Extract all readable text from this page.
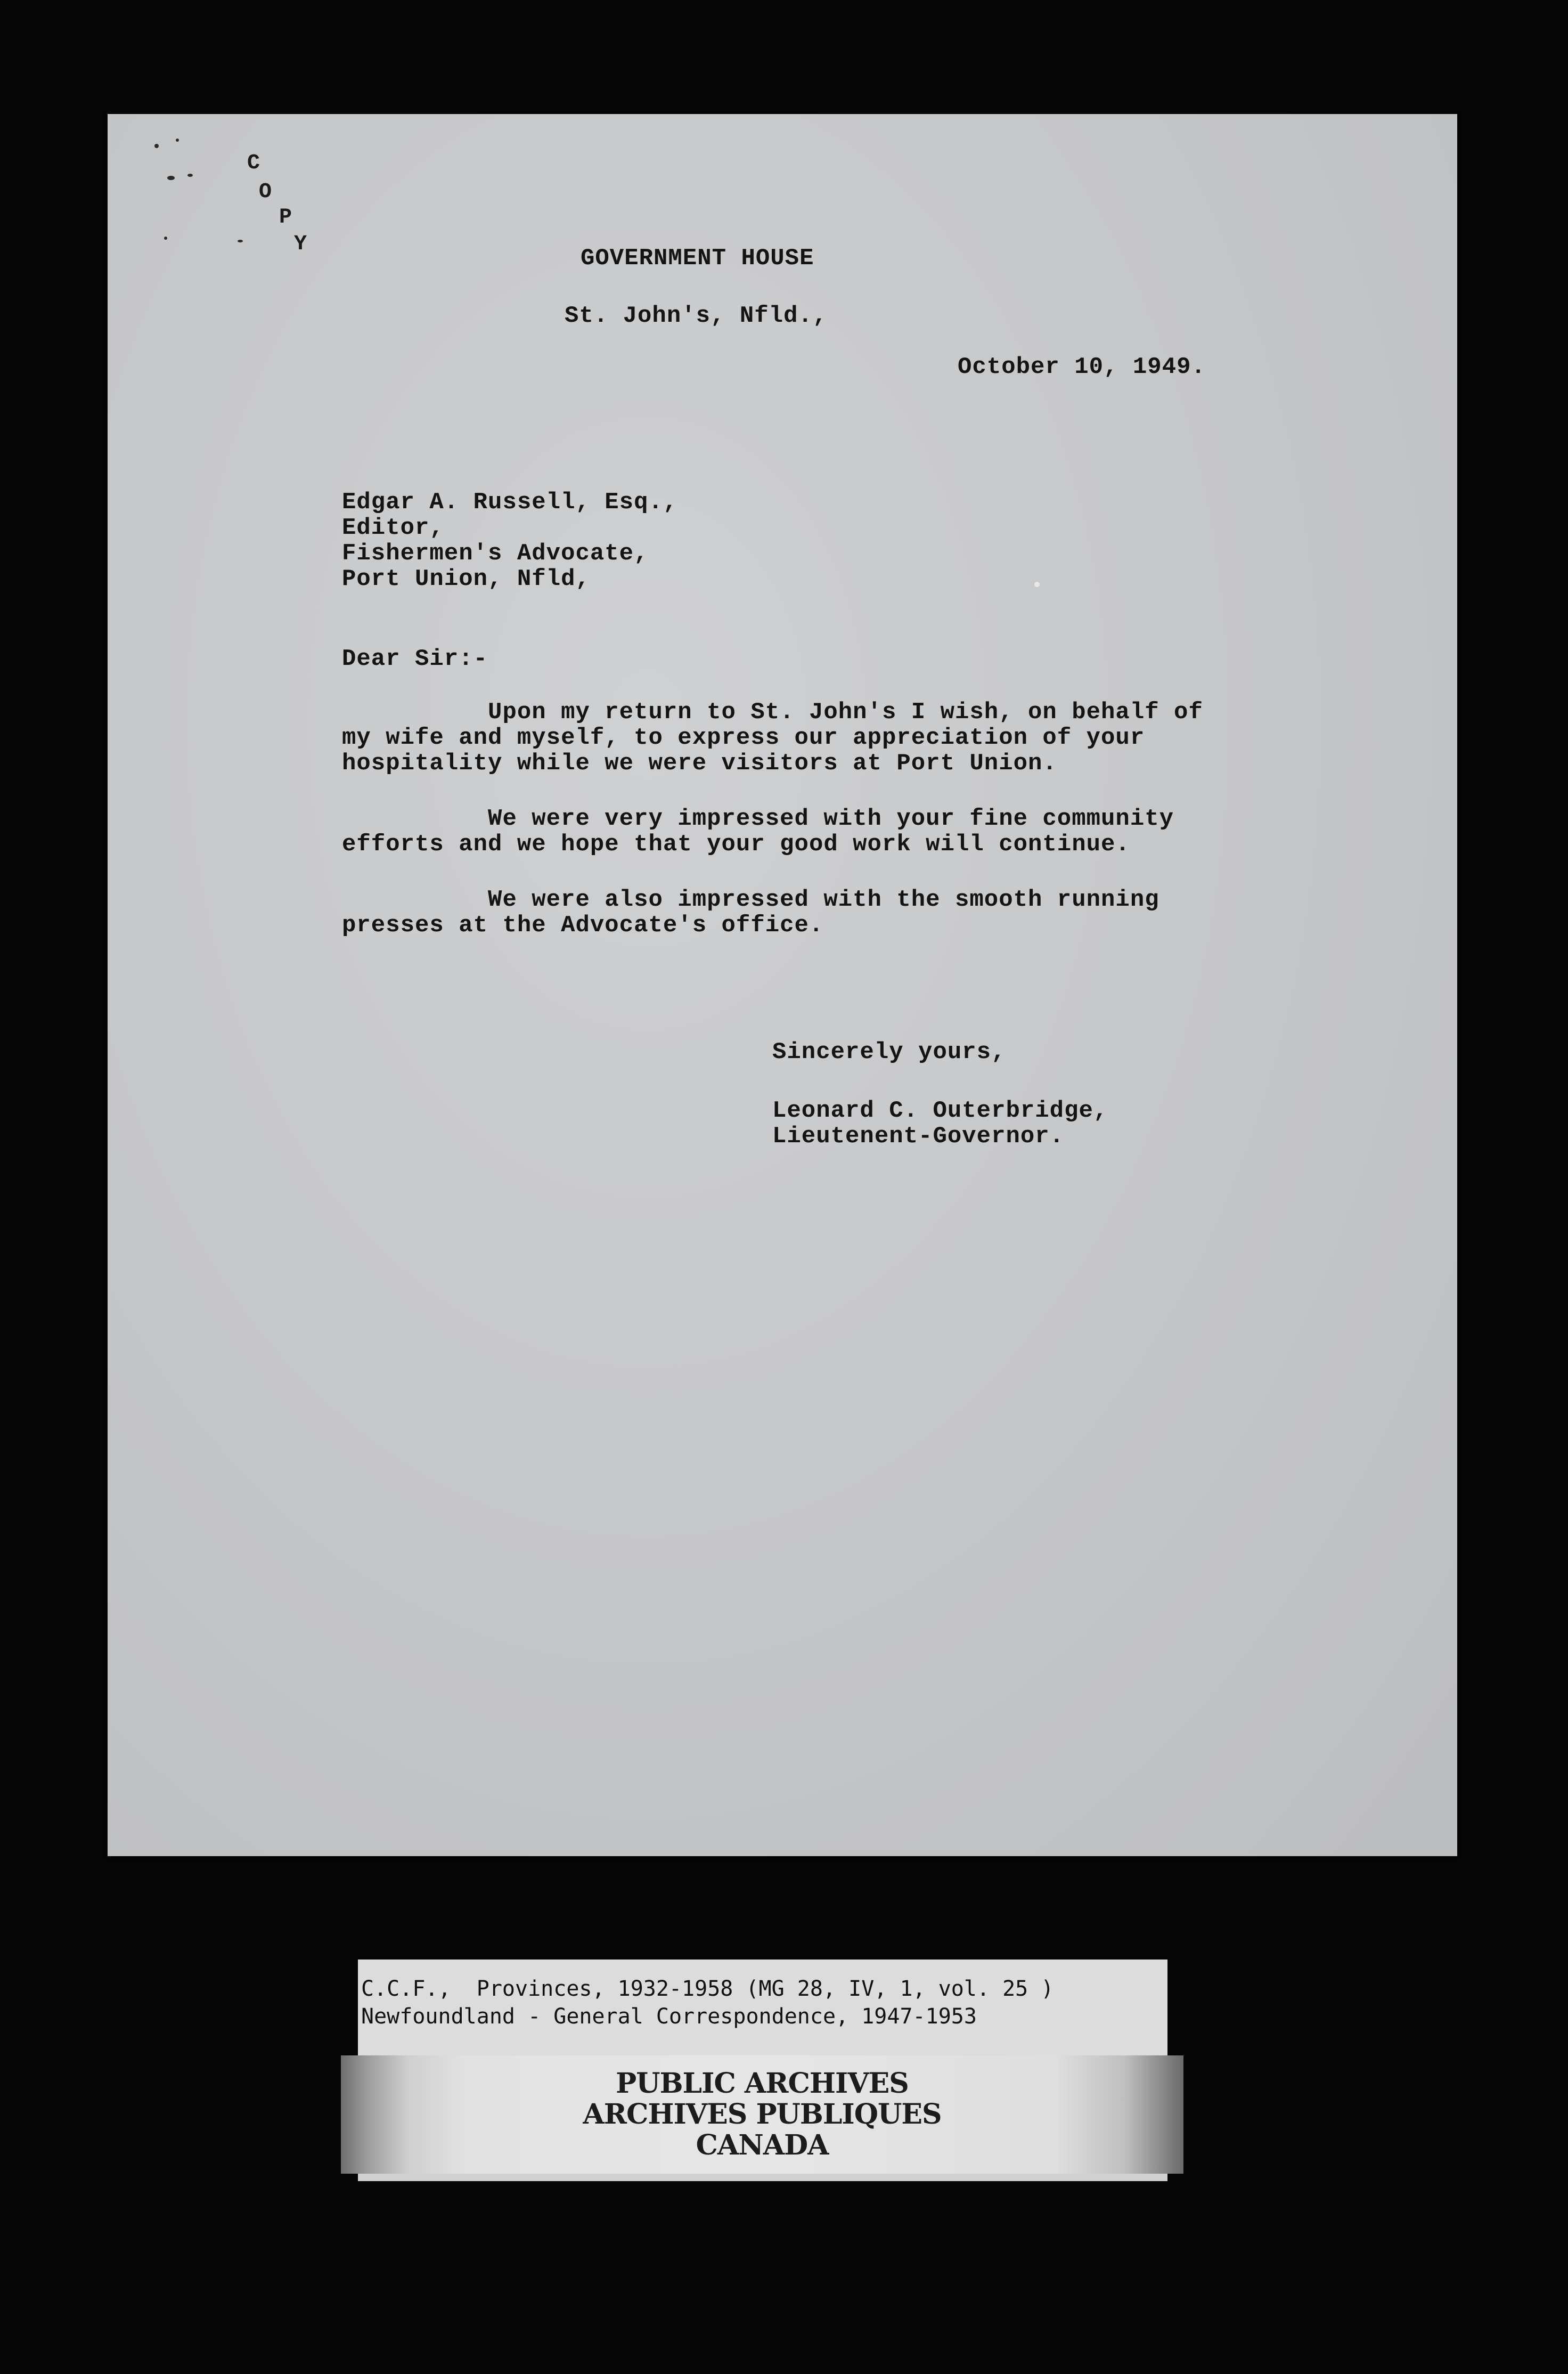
C
O
P
Y
GOVERNMENT HOUSE
St. John's, Nfld.,
October 10, 1949.
Edgar A. Russell, Esq.,
Editor,
Fishermen's Advocate,
Port Union, Nfld,
Dear Sir:-
Upon my return to St. John's I wish, on behalf of
my wife and myself, to express our appreciation of your
hospitality while we were visitors at Port Union.
We were very impressed with your fine community
efforts and we hope that your good work will continue.
We were also impressed with the smooth running
presses at the Advocate's office.
Sincerely yours,
Leonard C. Outerbridge,
Lieutenent-Governor.
C.C.F.,  Provinces, 1932-1958 (MG 28, IV, 1, vol. 25 )
Newfoundland - General Correspondence, 1947-1953
PUBLIC ARCHIVES
ARCHIVES PUBLIQUES
CANADA
